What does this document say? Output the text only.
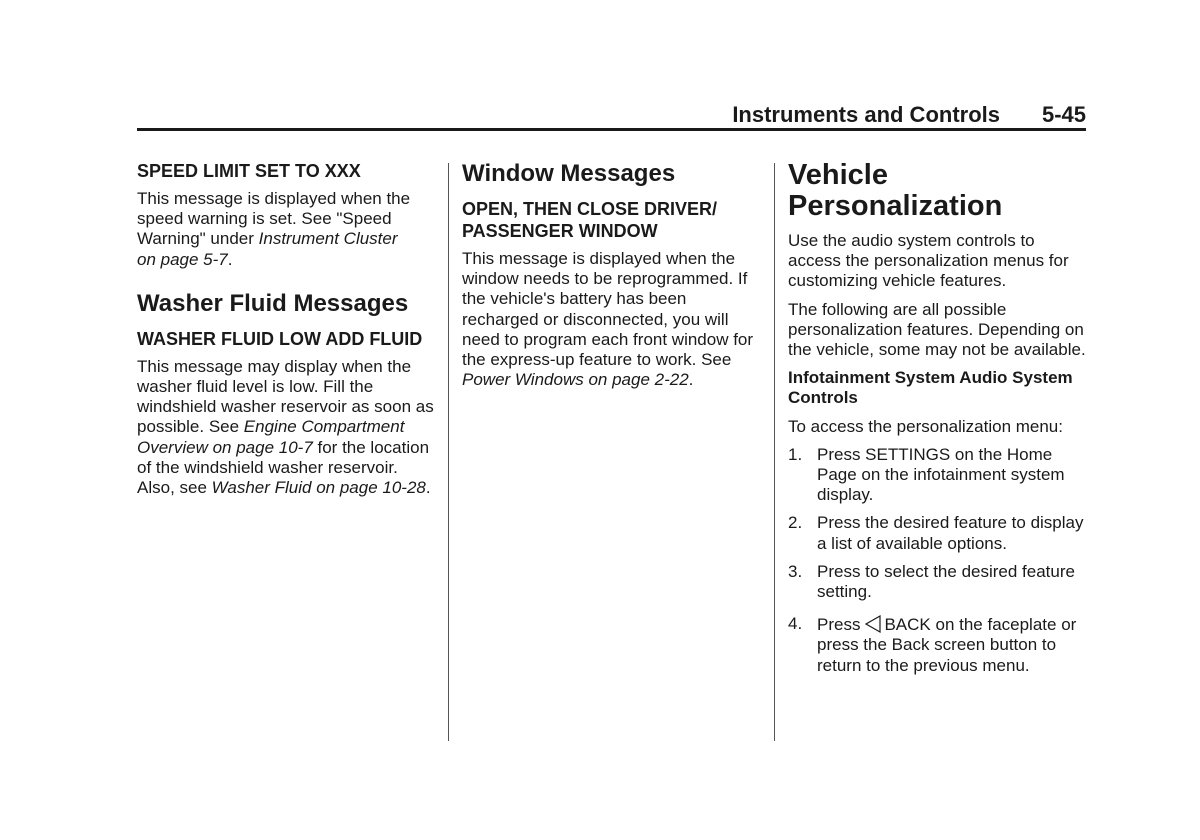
Instruments and Controls 5-45
SPEED LIMIT SET TO XXX

This message is displayed when the
speed warning is set. See "Speed
Warning" under Instrument Cluster
on page 5-7.

Washer Fluid Messages
WASHER FLUID LOW ADD FLUID

This message may display when the washer fluid level is low. Fill the windshield washer reservoir as soon as possible. See Engine Compartment Overview on page 10-7 for the location of the windshield washer reservoir. Also, see Washer Fluid on page 10-28.

Window Messages
OPEN, THEN CLOSE DRIVER/ PASSENGER WINDOW

This message is displayed when the window needs to be reprogrammed. If the vehicle's battery has been recharged or disconnected, you will need to program each front window for the express-up feature to work. See Power Windows on page 2-22.

Vehicle Personalization

Use the audio system controls to access the personalization menus for customizing vehicle features.

The following are all possible personalization features. Depending on the vehicle, some may not be available.

Infotainment System Audio System Controls

To access the personalization menu:

1. Press SETTINGS on the Home Page on the infotainment system display.
2. Press the desired feature to display a list of available options.
3. Press to select the desired feature setting.
4. Press BACK on the faceplate or press the Back screen button to return to the previous menu.
